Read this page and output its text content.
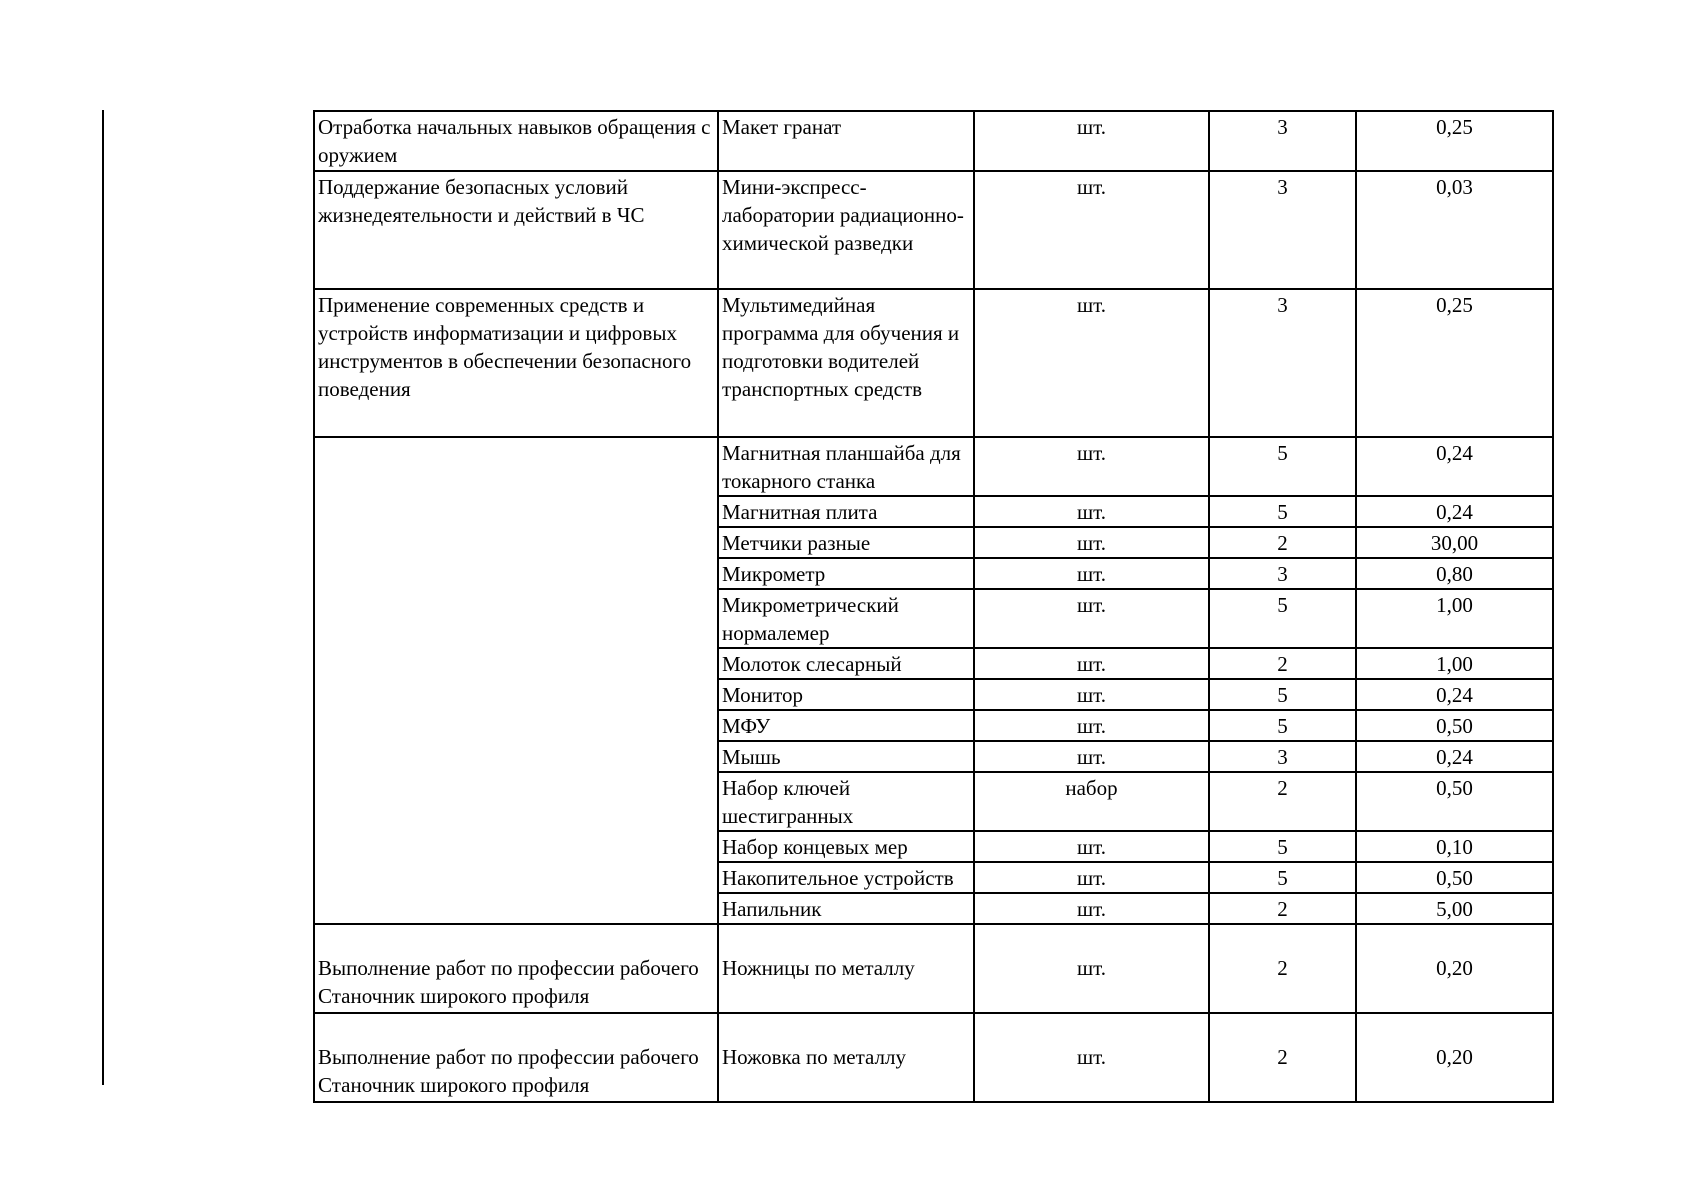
Отработка начальных навыков обращения с оружием	Макет гранат	шт.	3	0,25
Поддержание безопасных условий жизнедеятельности и действий в ЧС	Мини-экспресс-лаборатории радиационно-химической разведки	шт.	3	0,03
Применение современных средств и устройств информатизации и цифровых инструментов в обеспечении безопасного поведения	Мультимедийная программа для обучения и подготовки водителей транспортных средств	шт.	3	0,25
	Магнитная планшайба для токарного станка	шт.	5	0,24
	Магнитная плита	шт.	5	0,24
	Метчики разные	шт.	2	30,00
	Микрометр	шт.	3	0,80
	Микрометрический нормалемер	шт.	5	1,00
	Молоток слесарный	шт.	2	1,00
	Монитор	шт.	5	0,24
	МФУ	шт.	5	0,50
	Мышь	шт.	3	0,24
	Набор ключей шестигранных	набор	2	0,50
	Набор концевых мер	шт.	5	0,10
	Накопительное устройств	шт.	5	0,50
	Напильник	шт.	2	5,00
Выполнение работ по профессии рабочего Станочник широкого профиля	Ножницы по металлу	шт.	2	0,20
Выполнение работ по профессии рабочего Станочник широкого профиля	Ножовка по металлу	шт.	2	0,20
